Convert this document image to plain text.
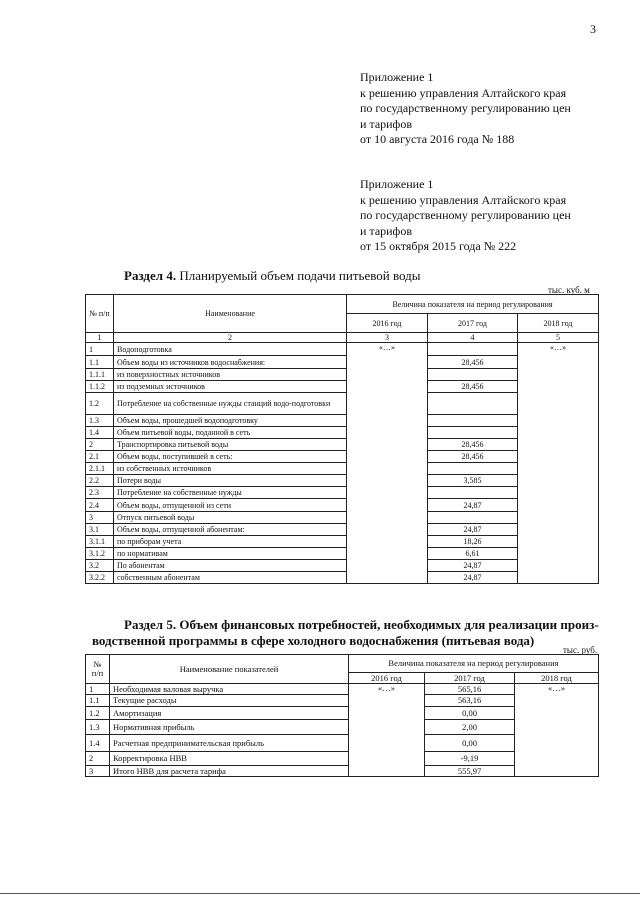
3
Приложение 1
к решению управления Алтайского края
по государственному регулированию цен
и тарифов
от 10 августа 2016 года № 188
Приложение 1
к решению управления Алтайского края
по государственному регулированию цен
и тарифов
от 15 октября 2015 года № 222
Раздел 4. Планируемый объем подачи питьевой воды
тыс. куб. м
№ п/п	Наименование	Величина показателя на период регулирования		
		2016 год	2017 год	2018 год
1	2	3	4	5
1	Водоподготовка	«…»		«…»
1.1	Объем воды из источников водоснабжения:		28,456	
1.1.1	из поверхностных источников			
1.1.2	из подземных источников		28,456	
1.2	Потребление на собственные нужды станций водо-подготовки			
1.3	Объем воды, прошедшей водоподготовку			
1.4	Объем питьевой воды, поданной в сеть			
2	Транспортировка питьевой воды		28,456	
2.1	Объем воды, поступившей в сеть:		28,456	
2.1.1	из собственных источников			
2.2	Потери воды		3,585	
2.3	Потребление на собственные нужды			
2.4	Объем воды, отпущенной из сети		24,87	
3	Отпуск питьевой воды			
3.1	Объем воды, отпущенной абонентам:		24,87	
3.1.1	по приборам учета		18,26	
3.1.2	по нормативам		6,61	
3.2	По абонентам		24,87	
3.2.2	собственным абонентам		24,87	
Раздел 5. Объем финансовых потребностей, необходимых для реализации произ-
водственной программы в сфере холодного водоснабжения (питьевая вода)
тыс. руб.
№ п/п	Наименование показателей	Величина показателя на период регулирования		
		2016 год	2017 год	2018 год
1	Необходимая валовая выручка	«…»	565,16	«…»
1.1	Текущие расходы		563,16	
1.2	Амортизация		0,00	
1.3	Нормативная прибыль		2,00	
1.4	Расчетная предпринимательская прибыль		0,00	
2	Корректировка НВВ		-9,19	
3	Итого НВВ для расчета тарифа		555,97	
